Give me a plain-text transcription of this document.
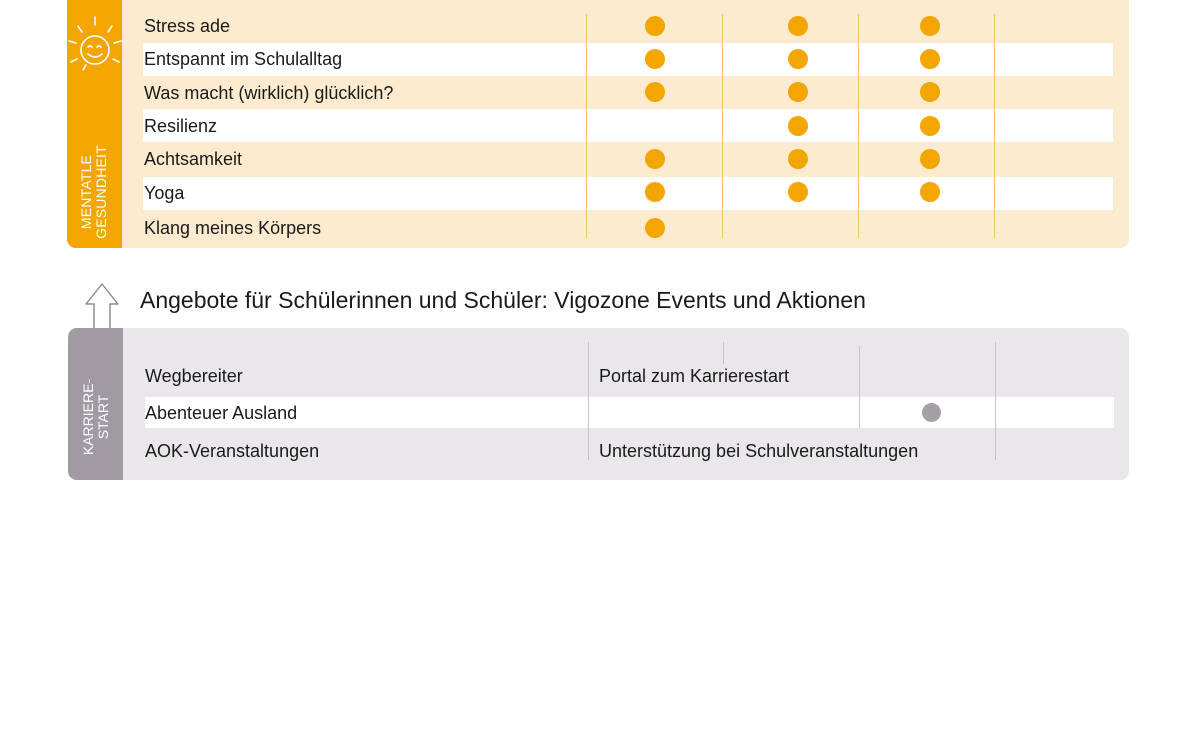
MENTATLE GESUNDHEIT
Stress ade
Entspannt im Schulalltag
Was macht (wirklich) glücklich?
Resilienz
Achtsamkeit
Yoga
Klang meines Körpers
Angebote für Schülerinnen und Schüler: Vigozone Events und Aktionen
KARRIERE- START
Wegbereiter	Portal zum Karrierestart
Abenteuer Ausland
AOK-Veranstaltungen	Unterstützung bei Schulveranstaltungen
